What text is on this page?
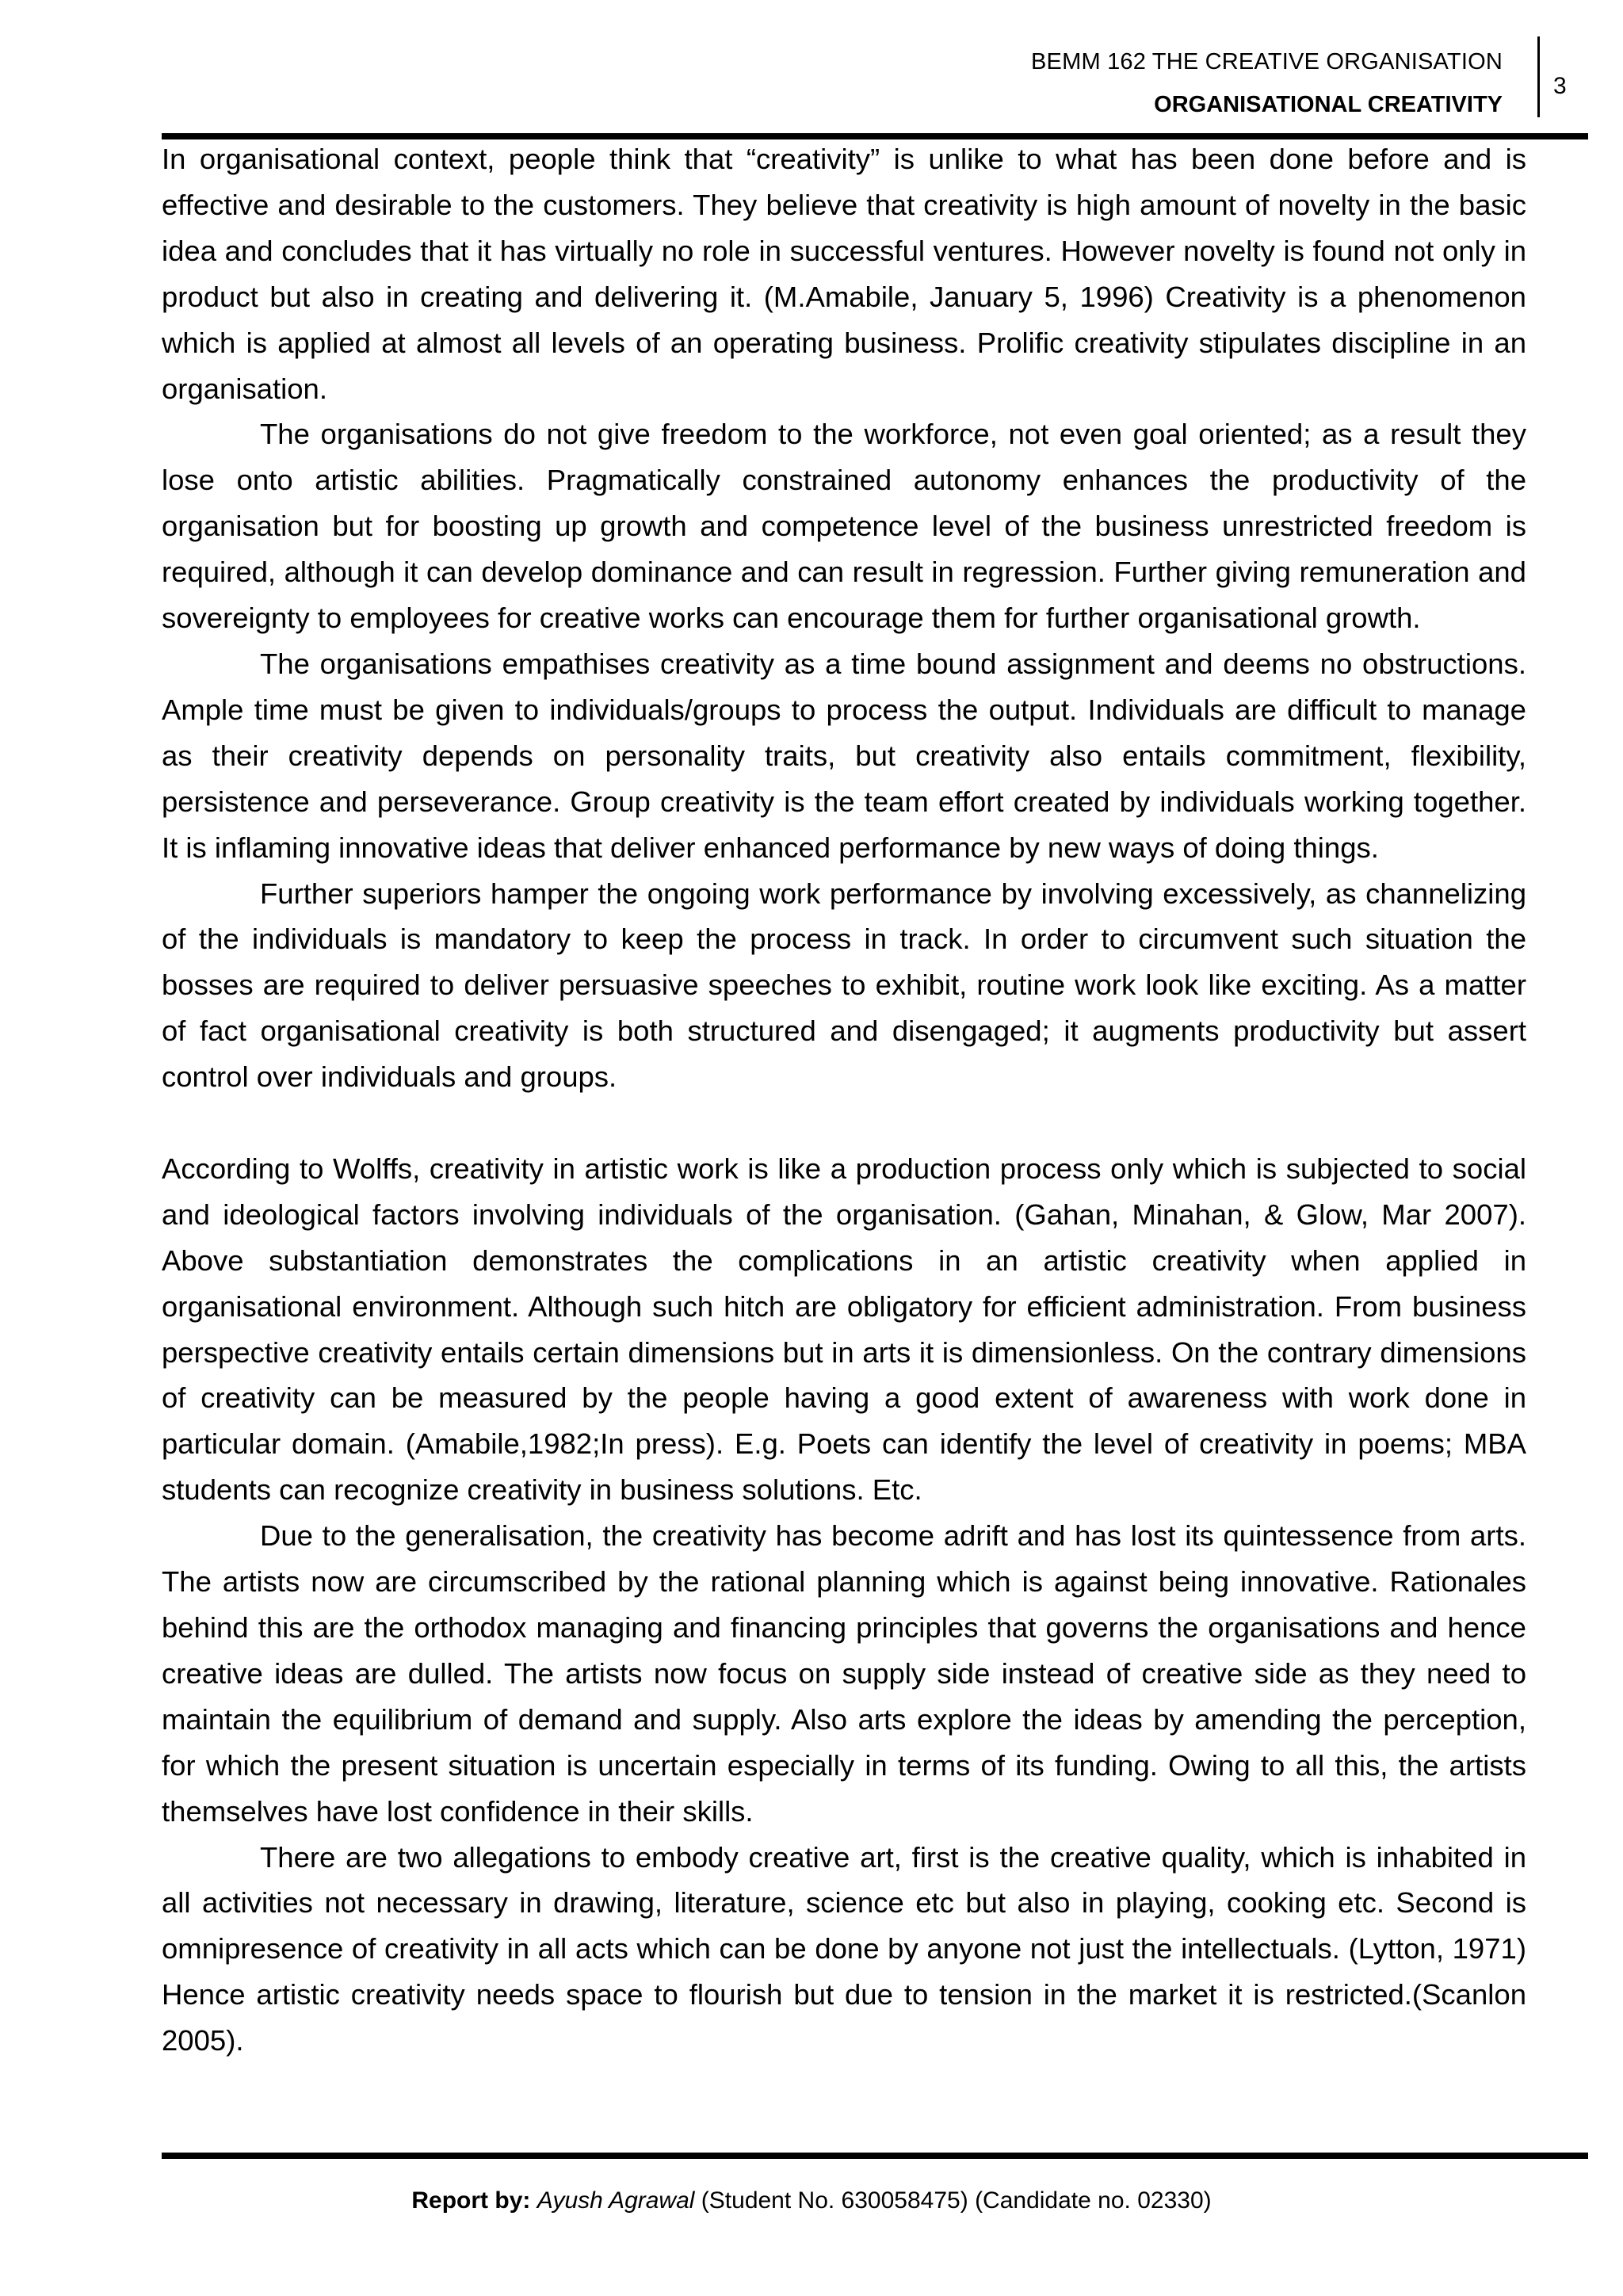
BEMM 162 THE CREATIVE ORGANISATION
ORGANISATIONAL CREATIVITY
3

In organisational context, people think that “creativity” is unlike to what has been done before and is effective and desirable to the customers. They believe that creativity is high amount of novelty in the basic idea and concludes that it has virtually no role in successful ventures. However novelty is found not only in product but also in creating and delivering it. (M.Amabile, January 5, 1996) Creativity is a phenomenon which is applied at almost all levels of an operating business. Prolific creativity stipulates discipline in an organisation.

The organisations do not give freedom to the workforce, not even goal oriented; as a result they lose onto artistic abilities. Pragmatically constrained autonomy enhances the productivity of the organisation but for boosting up growth and competence level of the business unrestricted freedom is required, although it can develop dominance and can result in regression. Further giving remuneration and sovereignty to employees for creative works can encourage them for further organisational growth.

The organisations empathises creativity as a time bound assignment and deems no obstructions. Ample time must be given to individuals/groups to process the output. Individuals are difficult to manage as their creativity depends on personality traits, but creativity also entails commitment, flexibility, persistence and perseverance. Group creativity is the team effort created by individuals working together. It is inflaming innovative ideas that deliver enhanced performance by new ways of doing things.

Further superiors hamper the ongoing work performance by involving excessively, as channelizing of the individuals is mandatory to keep the process in track. In order to circumvent such situation the bosses are required to deliver persuasive speeches to exhibit, routine work look like exciting. As a matter of fact organisational creativity is both structured and disengaged; it augments productivity but assert control over individuals and groups.

According to Wolffs, creativity in artistic work is like a production process only which is subjected to social and ideological factors involving individuals of the organisation. (Gahan, Minahan, & Glow, Mar 2007). Above substantiation demonstrates the complications in an artistic creativity when applied in organisational environment. Although such hitch are obligatory for efficient administration. From business perspective creativity entails certain dimensions but in arts it is dimensionless. On the contrary dimensions of creativity can be measured by the people having a good extent of awareness with work done in particular domain. (Amabile,1982;In press). E.g. Poets can identify the level of creativity in poems; MBA students can recognize creativity in business solutions. Etc.

Due to the generalisation, the creativity has become adrift and has lost its quintessence from arts. The artists now are circumscribed by the rational planning which is against being innovative. Rationales behind this are the orthodox managing and financing principles that governs the organisations and hence creative ideas are dulled. The artists now focus on supply side instead of creative side as they need to maintain the equilibrium of demand and supply. Also arts explore the ideas by amending the perception, for which the present situation is uncertain especially in terms of its funding. Owing to all this, the artists themselves have lost confidence in their skills.

There are two allegations to embody creative art, first is the creative quality, which is inhabited in all activities not necessary in drawing, literature, science etc but also in playing, cooking etc. Second is omnipresence of creativity in all acts which can be done by anyone not just the intellectuals. (Lytton, 1971) Hence artistic creativity needs space to flourish but due to tension in the market it is restricted.(Scanlon 2005).

Report by: Ayush Agrawal (Student No. 630058475) (Candidate no. 02330)
